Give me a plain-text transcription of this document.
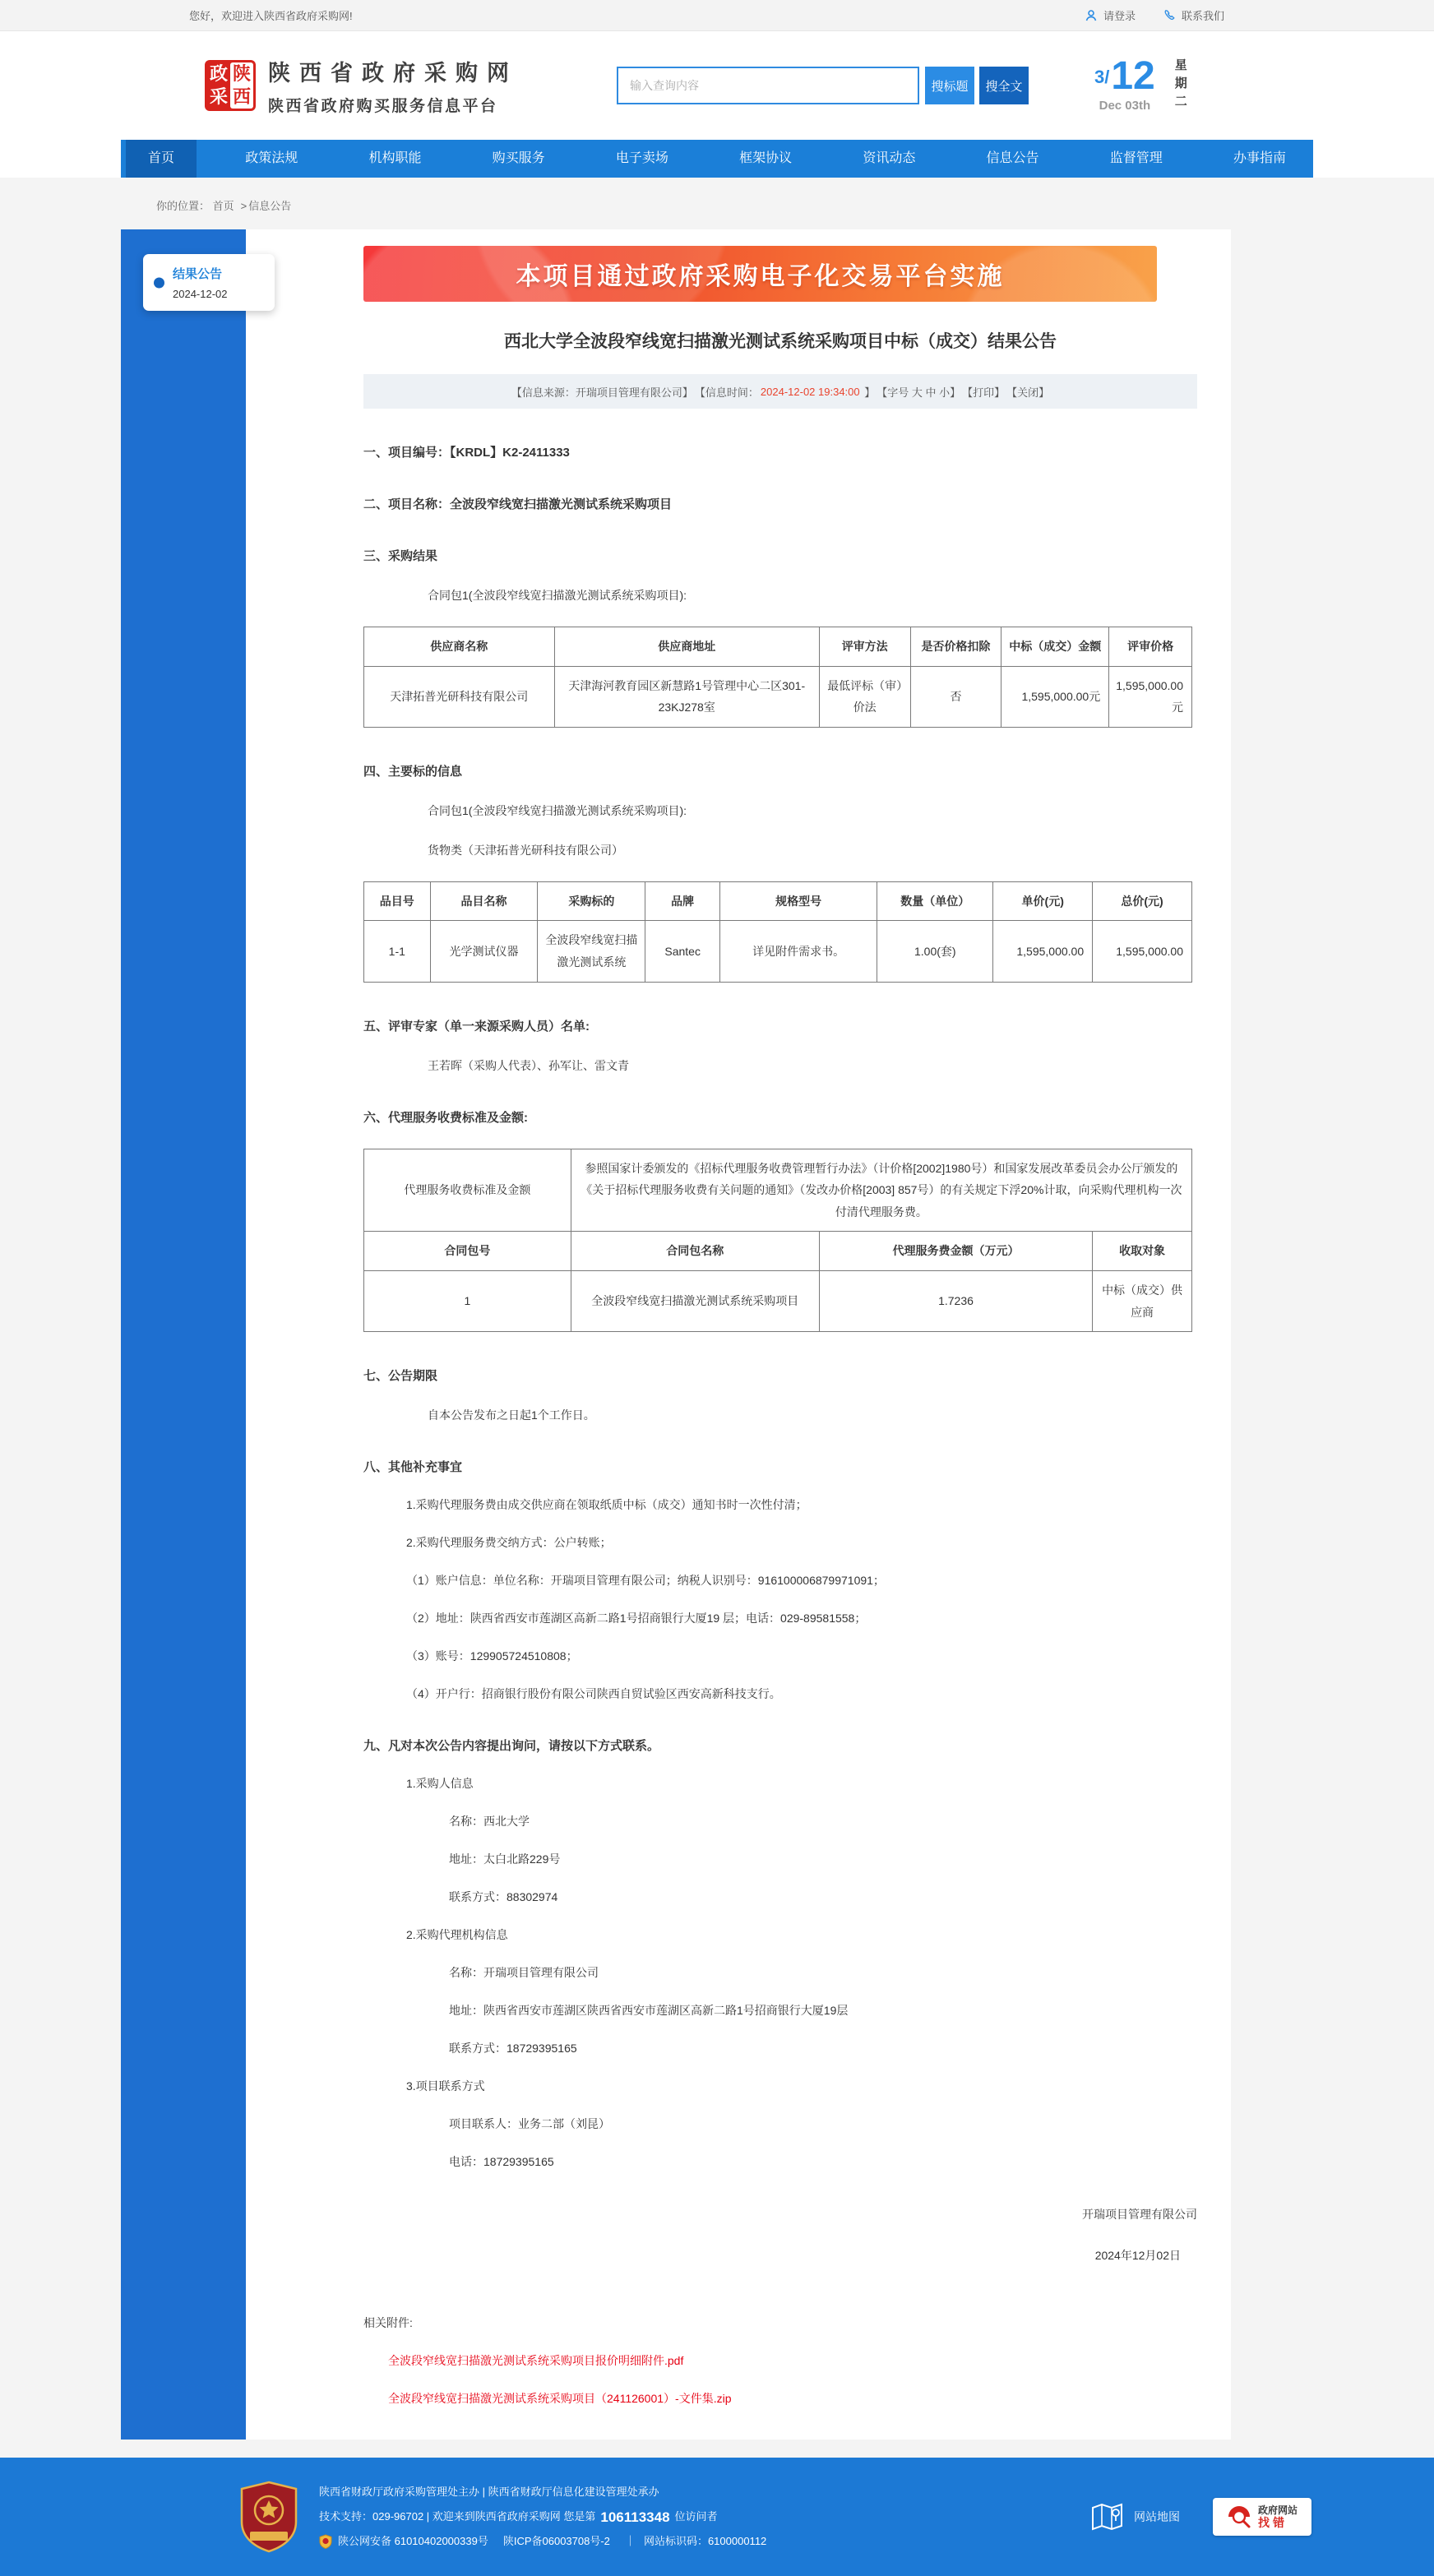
您好，欢迎进入陕西省政府采购网!	请登录	联系我们
政
采
陕
西
陕西省政府采购网
陕西省政府购买服务信息平台
输入查询内容
搜标题	搜全文	3/ 12
Dec 03th	星期二
首页	政策法规	机构职能	购买服务	电子卖场	框架协议	资讯动态	信息公告	监督管理	办事指南
你的位置： 首页 > 信息公告
结果公告
2024-12-02
本项目通过政府采购电子化交易平台实施
西北大学全波段窄线宽扫描激光测试系统采购项目中标（成交）结果公告
【信息来源：开瑞项目管理有限公司】 【信息时间： 2024-12-02 19:34:00 】 【字号 大 中 小】 【打印】 【关闭】
一、项目编号：【KRDL】K2-2411333
二、项目名称：全波段窄线宽扫描激光测试系统采购项目
三、采购结果
合同包1(全波段窄线宽扫描激光测试系统采购项目):
供应商名称	供应商地址	评审方法	是否价格扣除	中标（成交）金额	评审价格
天津拓普光研科技有限公司	天津海河教育园区新慧路1号管理中心二区301-23KJ278室	最低评标（审）价法	否	1,595,000.00元	1,595,000.00元
四、主要标的信息
合同包1(全波段窄线宽扫描激光测试系统采购项目):
货物类（天津拓普光研科技有限公司）
品目号	品目名称	采购标的	品牌	规格型号	数量（单位）	单价(元)	总价(元)
1-1	光学测试仪器	全波段窄线宽扫描激光测试系统	Santec	详见附件需求书。	1.00(套)	1,595,000.00	1,595,000.00
五、评审专家（单一来源采购人员）名单:
王若晖（采购人代表）、孙军让、雷文青
六、代理服务收费标准及金额:
代理服务收费标准及金额	参照国家计委颁发的《招标代理服务收费管理暂行办法》（计价格[2002]1980号）和国家发展改革委员会办公厅颁发的《关于招标代理服务收费有关问题的通知》（发改办价格[2003] 857号）的有关规定下浮20%计取，向采购代理机构一次付清代理服务费。		
合同包号	合同包名称	代理服务费金额（万元）	收取对象
1	全波段窄线宽扫描激光测试系统采购项目	1.7236	中标（成交）供应商
七、公告期限
自本公告发布之日起1个工作日。
八、其他补充事宜
1.采购代理服务费由成交供应商在领取纸质中标（成交）通知书时一次性付清；
2.采购代理服务费交纳方式：公户转账；
（1）账户信息：单位名称：开瑞项目管理有限公司；纳税人识别号：916100006879971091；
（2）地址：陕西省西安市莲湖区高新二路1号招商银行大厦19 层；电话：029-89581558；
（3）账号：129905724510808；
（4）开户行：招商银行股份有限公司陕西自贸试验区西安高新科技支行。
九、凡对本次公告内容提出询问，请按以下方式联系。
1.采购人信息
名称：西北大学
地址：太白北路229号
联系方式：88302974
2.采购代理机构信息
名称：开瑞项目管理有限公司
地址：陕西省西安市莲湖区陕西省西安市莲湖区高新二路1号招商银行大厦19层
联系方式：18729395165
3.项目联系方式
项目联系人：业务二部（刘昆）
电话：18729395165
开瑞项目管理有限公司
2024年12月02日
相关附件:
全波段窄线宽扫描激光测试系统采购项目报价明细附件.pdf
全波段窄线宽扫描激光测试系统采购项目（241126001）-文件集.zip
陕西省财政厅政府采购管理处主办 | 陕西省财政厅信息化建设管理处承办
技术支持：029-96702 | 欢迎来到陕西省政府采购网 您是第 106113348 位访问者
陕公网安备 61010402000339号 陕ICP备06003708号-2 ｜ 网站标识码：6100000112
网站地图
政府网站
找错
